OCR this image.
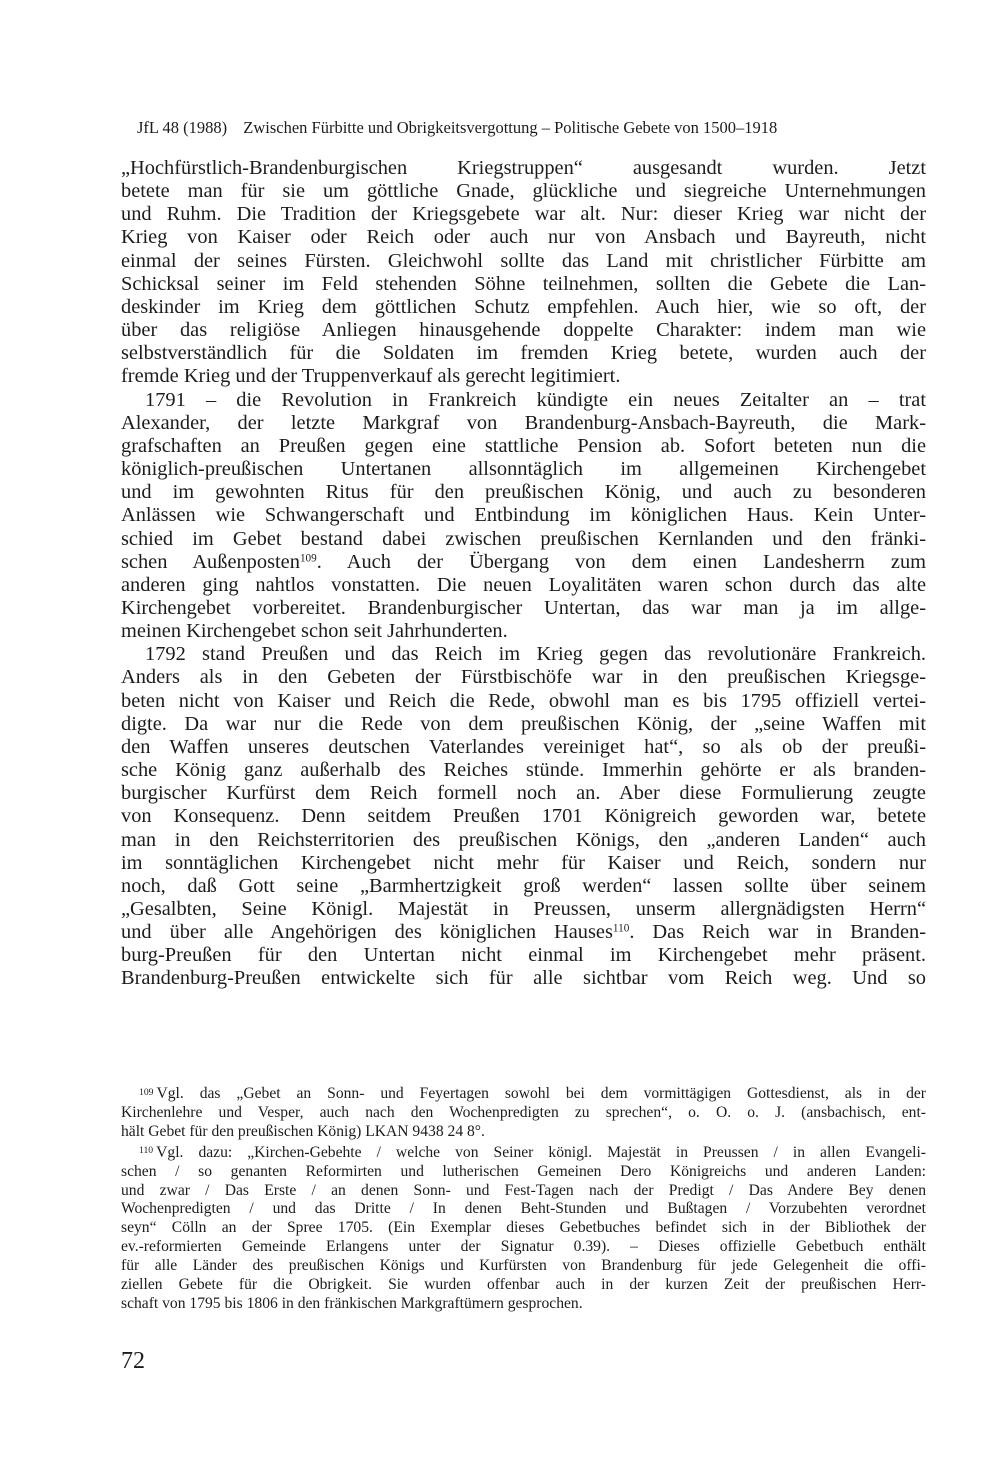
JfL 48 (1988) Zwischen Fürbitte und Obrigkeitsvergottung – Politische Gebete von 1500–1918
„Hochfürstlich-Brandenburgischen Kriegstruppen“ ausgesandt wurden. Jetzt
betete man für sie um göttliche Gnade, glückliche und siegreiche Unternehmungen
und Ruhm. Die Tradition der Kriegsgebete war alt. Nur: dieser Krieg war nicht der
Krieg von Kaiser oder Reich oder auch nur von Ansbach und Bayreuth, nicht
einmal der seines Fürsten. Gleichwohl sollte das Land mit christlicher Fürbitte am
Schicksal seiner im Feld stehenden Söhne teilnehmen, sollten die Gebete die Lan-
deskinder im Krieg dem göttlichen Schutz empfehlen. Auch hier, wie so oft, der
über das religiöse Anliegen hinausgehende doppelte Charakter: indem man wie
selbstverständlich für die Soldaten im fremden Krieg betete, wurden auch der
fremde Krieg und der Truppenverkauf als gerecht legitimiert.
1791 – die Revolution in Frankreich kündigte ein neues Zeitalter an – trat
Alexander, der letzte Markgraf von Brandenburg-Ansbach-Bayreuth, die Mark-
grafschaften an Preußen gegen eine stattliche Pension ab. Sofort beteten nun die
königlich-preußischen Untertanen allsonntäglich im allgemeinen Kirchengebet
und im gewohnten Ritus für den preußischen König, und auch zu besonderen
Anlässen wie Schwangerschaft und Entbindung im königlichen Haus. Kein Unter-
schied im Gebet bestand dabei zwischen preußischen Kernlanden und den fränki-
schen Außenposten$^{109}$. Auch der Übergang von dem einen Landesherrn zum
anderen ging nahtlos vonstatten. Die neuen Loyalitäten waren schon durch das alte
Kirchengebet vorbereitet. Brandenburgischer Untertan, das war man ja im allge-
meinen Kirchengebet schon seit Jahrhunderten.
1792 stand Preußen und das Reich im Krieg gegen das revolutionäre Frankreich.
Anders als in den Gebeten der Fürstbischöfe war in den preußischen Kriegsge-
beten nicht von Kaiser und Reich die Rede, obwohl man es bis 1795 offiziell vertei-
digte. Da war nur die Rede von dem preußischen König, der „seine Waffen mit
den Waffen unseres deutschen Vaterlandes vereiniget hat“, so als ob der preußi-
sche König ganz außerhalb des Reiches stünde. Immerhin gehörte er als branden-
burgischer Kurfürst dem Reich formell noch an. Aber diese Formulierung zeugte
von Konsequenz. Denn seitdem Preußen 1701 Königreich geworden war, betete
man in den Reichsterritorien des preußischen Königs, den „anderen Landen“ auch
im sonntäglichen Kirchengebet nicht mehr für Kaiser und Reich, sondern nur
noch, daß Gott seine „Barmhertzigkeit groß werden“ lassen sollte über seinem
„Gesalbten, Seine Königl. Majestät in Preussen, unserm allergnädigsten Herrn“
und über alle Angehörigen des königlichen Hauses$^{110}$. Das Reich war in Branden-
burg-Preußen für den Untertan nicht einmal im Kirchengebet mehr präsent.
Brandenburg-Preußen entwickelte sich für alle sichtbar vom Reich weg. Und so
$^{109}$ Vgl. das „Gebet an Sonn- und Feyertagen sowohl bei dem vormittägigen Gottesdienst, als in der
Kirchenlehre und Vesper, auch nach den Wochenpredigten zu sprechen“, o. O. o. J. (ansbachisch, ent-
hält Gebet für den preußischen König) LKAN 9438 24 8°.
$^{110}$ Vgl. dazu: „Kirchen-Gebehte / welche von Seiner königl. Majestät in Preussen / in allen Evangeli-
schen / so genanten Reformirten und lutherischen Gemeinen Dero Königreichs und anderen Landen:
und zwar / Das Erste / an denen Sonn- und Fest-Tagen nach der Predigt / Das Andere Bey denen
Wochenpredigten / und das Dritte / In denen Beht-Stunden und Bußtagen / Vorzubehten verordnet
seyn“ Cölln an der Spree 1705. (Ein Exemplar dieses Gebetbuches befindet sich in der Bibliothek der
ev.-reformierten Gemeinde Erlangens unter der Signatur 0.39). – Dieses offizielle Gebetbuch enthält
für alle Länder des preußischen Königs und Kurfürsten von Brandenburg für jede Gelegenheit die offi-
ziellen Gebete für die Obrigkeit. Sie wurden offenbar auch in der kurzen Zeit der preußischen Herr-
schaft von 1795 bis 1806 in den fränkischen Markgraftümern gesprochen.
72
